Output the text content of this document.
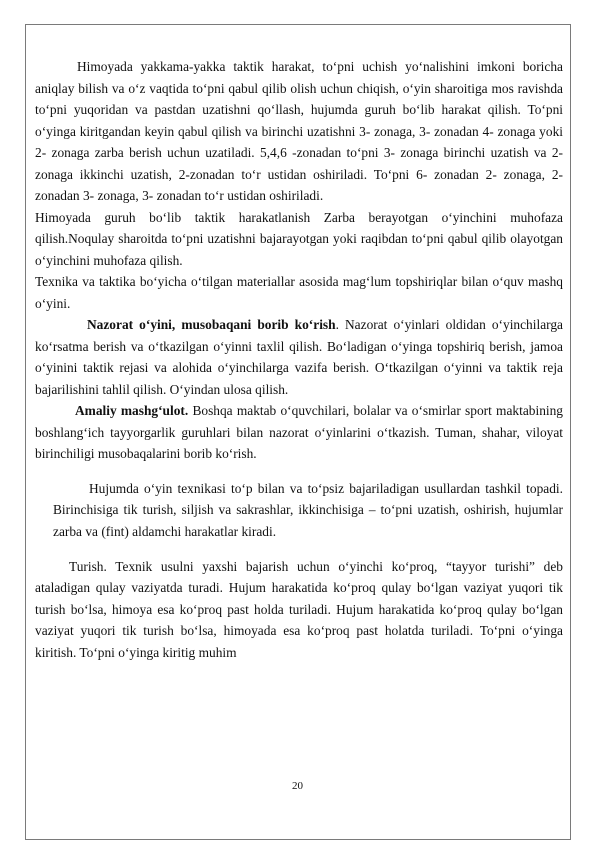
Himoyada yakkama-yakka taktik harakat, to‘pni uchish yo‘nalishini imkoni boricha aniqlay bilish va o‘z vaqtida to‘pni qabul qilib olish uchun chiqish, o‘yin sharoitiga mos ravishda to‘pni yuqoridan va pastdan uzatishni qo‘llash, hujumda guruh bo‘lib harakat qilish. To‘pni o‘yinga kiritgandan keyin qabul qilish va birinchi uzatishni 3- zonaga, 3- zonadan 4- zonaga yoki 2- zonaga zarba berish uchun uzatiladi. 5,4,6 -zonadan to‘pni 3- zonaga birinchi uzatish va 2- zonaga ikkinchi uzatish, 2-zonadan to‘r ustidan oshiriladi. To‘pni 6- zonadan 2- zonaga, 2- zonadan 3- zonaga, 3- zonadan to‘r ustidan oshiriladi.

Himoyada guruh bo‘lib taktik harakatlanish Zarba berayotgan o‘yinchini muhofaza qilish.Noqulay sharoitda to‘pni uzatishni bajarayotgan yoki raqibdan to‘pni qabul qilib olayotgan o‘yinchini muhofaza qilish.

Texnika va taktika bo‘yicha o‘tilgan materiallar asosida mag‘lum topshiriqlar bilan o‘quv mashq o‘yini.

Nazorat o‘yini, musobaqani borib ko‘rish. Nazorat o‘yinlari oldidan o‘yinchilarga ko‘rsatma berish va o‘tkazilgan o‘yinni taxlil qilish. Bo‘ladigan o‘yinga topshiriq berish, jamoa o‘yinini taktik rejasi va alohida o‘yinchilarga vazifa berish. O‘tkazilgan o‘yinni va taktik reja bajarilishini tahlil qilish. O‘yindan ulosa qilish.

Amaliy mashg‘ulot. Boshqa maktab o‘quvchilari, bolalar va o‘smirlar sport maktabining boshlang‘ich tayyorgarlik guruhlari bilan nazorat o‘yinlarini o‘tkazish. Tuman, shahar, viloyat birinchiligi musobaqalarini borib ko‘rish.

Hujumda o‘yin texnikasi to‘p bilan va to‘psiz bajariladigan usullardan tashkil topadi. Birinchisiga tik turish, siljish va sakrashlar, ikkinchisiga – to‘pni uzatish, oshirish, hujumlar zarba va (fint) aldamchi harakatlar kiradi.

Turish. Texnik usulni yaxshi bajarish uchun o‘yinchi ko‘proq, “tayyor turishi” deb ataladigan qulay vaziyatda turadi. Hujum harakatida ko‘proq qulay bo‘lgan vaziyat yuqori tik turish bo‘lsa, himoya esa ko‘proq past holda turiladi. Hujum harakatida ko‘proq qulay bo‘lgan vaziyat yuqori tik turish bo‘lsa, himoyada esa ko‘proq past holatda turiladi. To‘pni o‘yinga kiritish. To‘pni o‘yinga kiritig muhim

20
